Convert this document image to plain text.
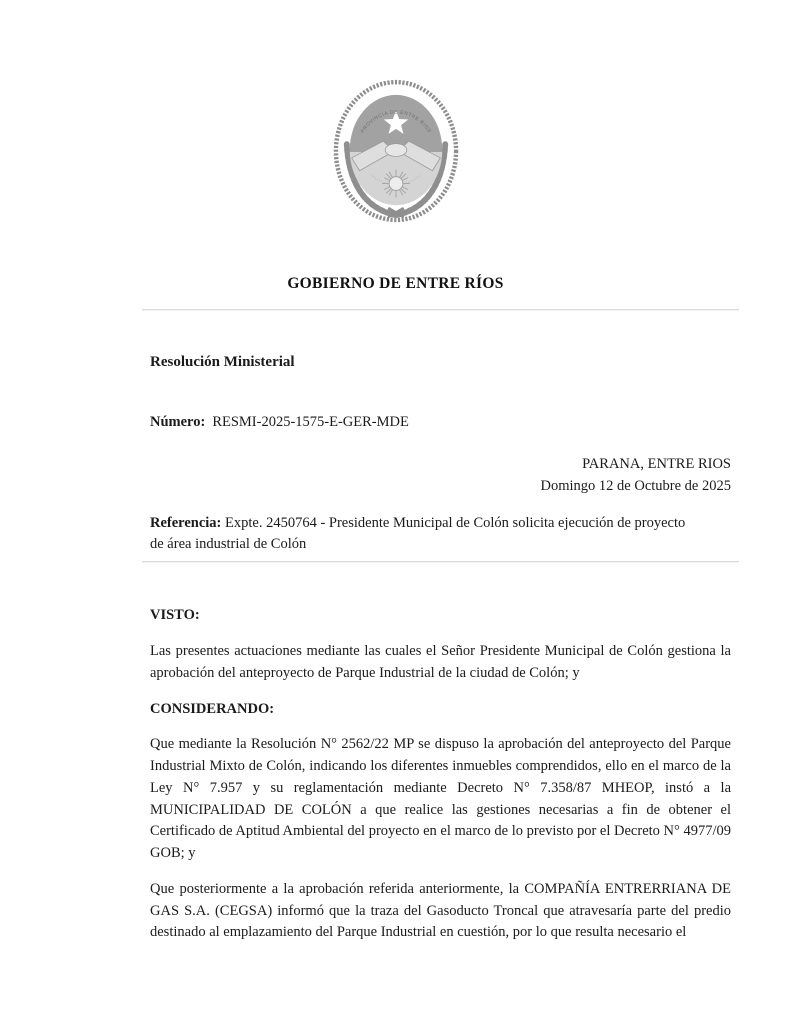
PROVINCIA DE ENTRE RIOS
GOBIERNO DE ENTRE RÍOS
Resolución Ministerial
Número: RESMI-2025-1575-E-GER-MDE
PARANA, ENTRE RIOS
Domingo 12 de Octubre de 2025
Referencia: Expte. 2450764 - Presidente Municipal de Colón solicita ejecución de proyecto de área industrial de Colón
VISTO:
Las presentes actuaciones mediante las cuales el Señor Presidente Municipal de Colón gestiona la aprobación del anteproyecto de Parque Industrial de la ciudad de Colón; y
CONSIDERANDO:
Que mediante la Resolución N° 2562/22 MP se dispuso la aprobación del anteproyecto del Parque Industrial Mixto de Colón, indicando los diferentes inmuebles comprendidos, ello en el marco de la Ley N° 7.957 y su reglamentación mediante Decreto N° 7.358/87 MHEOP, instó a la MUNICIPALIDAD DE COLÓN a que realice las gestiones necesarias a fin de obtener el Certificado de Aptitud Ambiental del proyecto en el marco de lo previsto por el Decreto N° 4977/09 GOB; y
Que posteriormente a la aprobación referida anteriormente, la COMPAÑÍA ENTRERRIANA DE GAS S.A. (CEGSA) informó que la traza del Gasoducto Troncal que atravesaría parte del predio destinado al emplazamiento del Parque Industrial en cuestión, por lo que resulta necesario el
